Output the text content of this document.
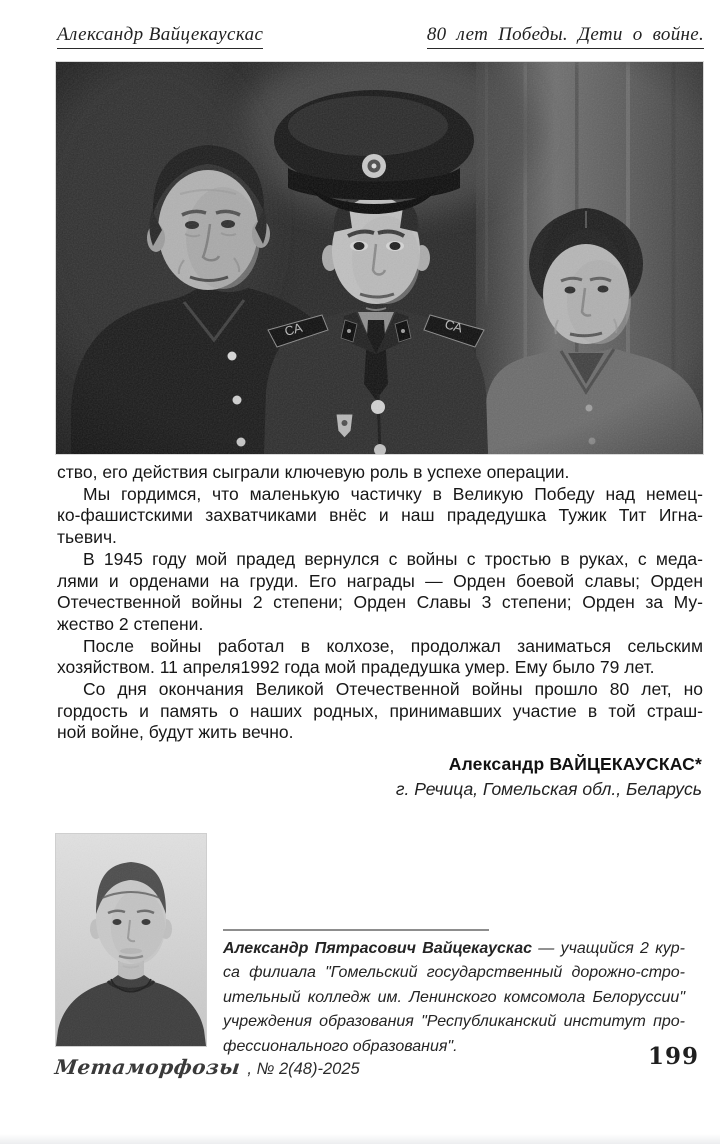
Александр Вайцекаускас	80 лет Победы. Дети о войне.
ство, его действия сыграли ключевую роль в успехе операции.
Мы гордимся, что маленькую частичку в Великую Победу над немец-
ко-фашистскими захватчиками внёс и наш прадедушка Тужик Тит Игна-
тьевич.
В 1945 году мой прадед вернулся с войны с тростью в руках, с меда-
лями и орденами на груди. Его награды — Орден боевой славы; Орден
Отечественной войны 2 степени; Орден Славы 3 степени; Орден за Му-
жество 2 степени.
После войны работал в колхозе, продолжал заниматься сельским
хозяйством. 11 апреля1992 года мой прадедушка умер. Ему было 79 лет.
Со дня окончания Великой Отечественной войны прошло 80 лет, но
гордость и память о наших родных, принимавших участие в той страш-
ной войне, будут жить вечно.
Александр ВАЙЦЕКАУСКАС*
г. Речица, Гомельская обл., Беларусь
Александр Пятрасович Вайцекаускас — учащийся 2 кур-
са филиала "Гомельский государственный дорожно-стро-
ительный колледж им. Ленинского комсомола Белоруссии"
учреждения образования "Республиканский институт про-
фессионального образования".
Метаморфозы , № 2(48)-2025	199
